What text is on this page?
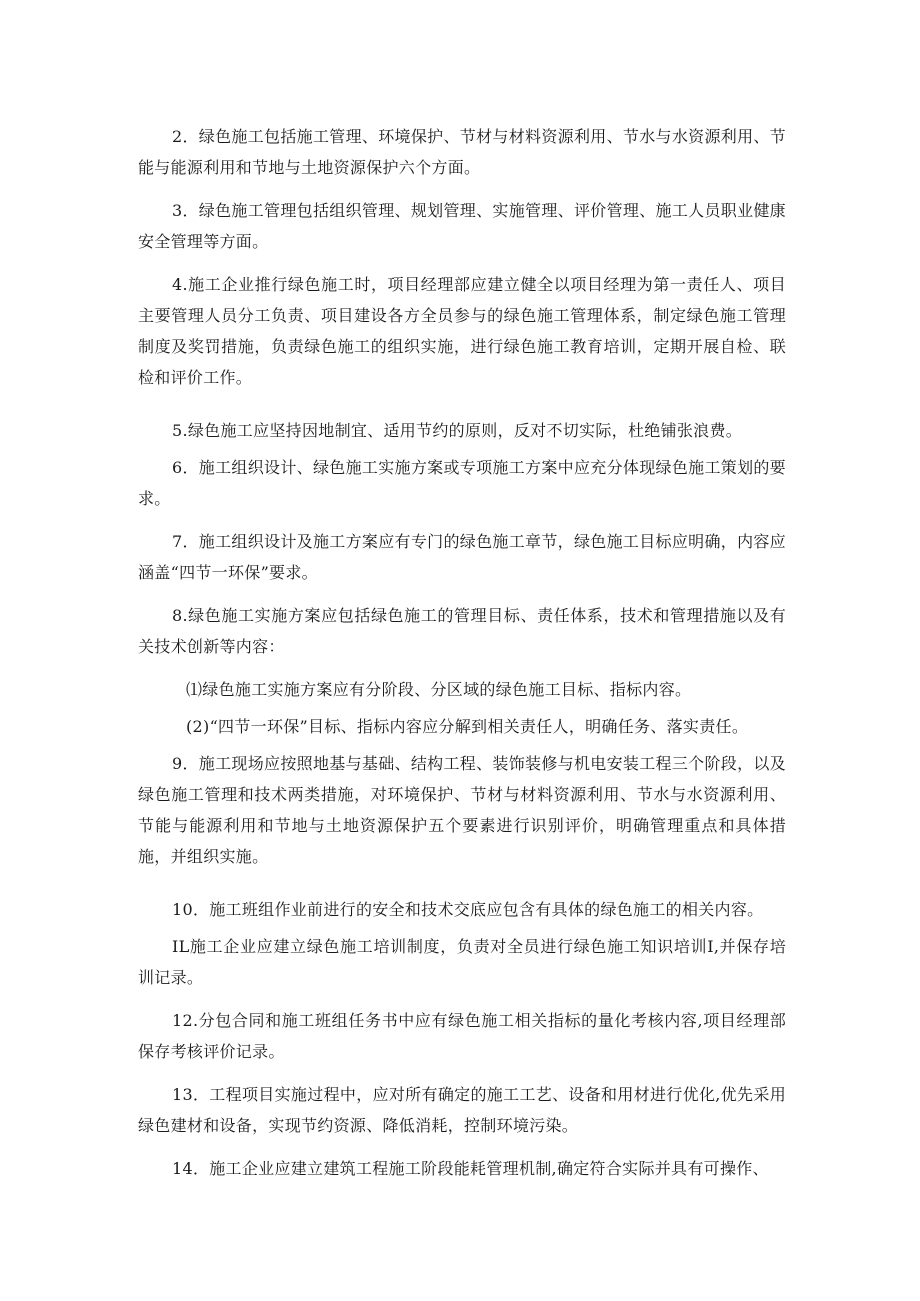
2．绿色施工包括施工管理、环境保护、节材与材料资源利用、节水与水资源利用、节能与能源利用和节地与土地资源保护六个方面。

3．绿色施工管理包括组织管理、规划管理、实施管理、评价管理、施工人员职业健康安全管理等方面。

4.施工企业推行绿色施工时，项目经理部应建立健全以项目经理为第一责任人、项目主要管理人员分工负责、项目建设各方全员参与的绿色施工管理体系，制定绿色施工管理制度及奖罚措施，负责绿色施工的组织实施，进行绿色施工教育培训，定期开展自检、联检和评价工作。

5.绿色施工应坚持因地制宜、适用节约的原则，反对不切实际，杜绝铺张浪费。

6．施工组织设计、绿色施工实施方案或专项施工方案中应充分体现绿色施工策划的要求。

7．施工组织设计及施工方案应有专门的绿色施工章节，绿色施工目标应明确，内容应涵盖“四节一环保”要求。

8.绿色施工实施方案应包括绿色施工的管理目标、责任体系，技术和管理措施以及有关技术创新等内容：

⑴绿色施工实施方案应有分阶段、分区域的绿色施工目标、指标内容。

(2)“四节一环保”目标、指标内容应分解到相关责任人，明确任务、落实责任。

9．施工现场应按照地基与基础、结构工程、装饰装修与机电安装工程三个阶段，以及绿色施工管理和技术两类措施，对环境保护、节材与材料资源利用、节水与水资源利用、节能与能源利用和节地与土地资源保护五个要素进行识别评价，明确管理重点和具体措施，并组织实施。

10．施工班组作业前进行的安全和技术交底应包含有具体的绿色施工的相关内容。

IL施工企业应建立绿色施工培训制度，负责对全员进行绿色施工知识培训I,并保存培训记录。

12.分包合同和施工班组任务书中应有绿色施工相关指标的量化考核内容,项目经理部保存考核评价记录。

13．工程项目实施过程中，应对所有确定的施工工艺、设备和用材进行优化,优先采用绿色建材和设备，实现节约资源、降低消耗，控制环境污染。

14．施工企业应建立建筑工程施工阶段能耗管理机制,确定符合实际并具有可操作、
